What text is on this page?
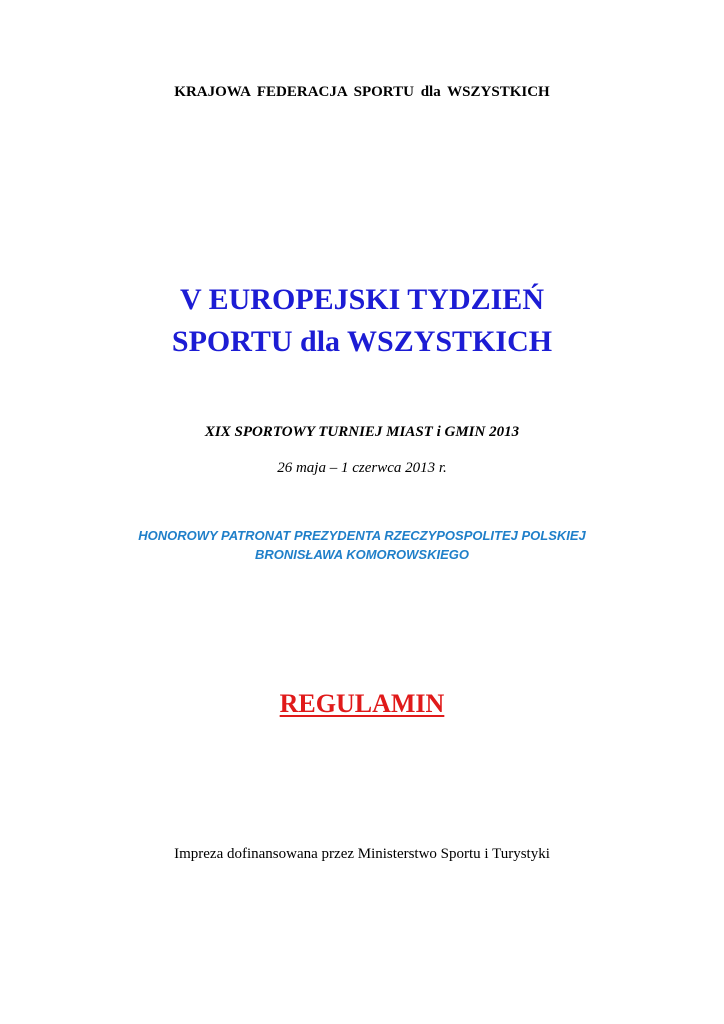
KRAJOWA FEDERACJA SPORTU dla WSZYSTKICH
V EUROPEJSKI TYDZIEŃ
SPORTU dla WSZYSTKICH
XIX SPORTOWY TURNIEJ MIAST i GMIN 2013
26 maja – 1 czerwca 2013 r.
HONOROWY PATRONAT PREZYDENTA RZECZYPOSPOLITEJ POLSKIEJ
BRONISŁAWA KOMOROWSKIEGO
REGULAMIN
Impreza dofinansowana przez Ministerstwo Sportu i Turystyki
